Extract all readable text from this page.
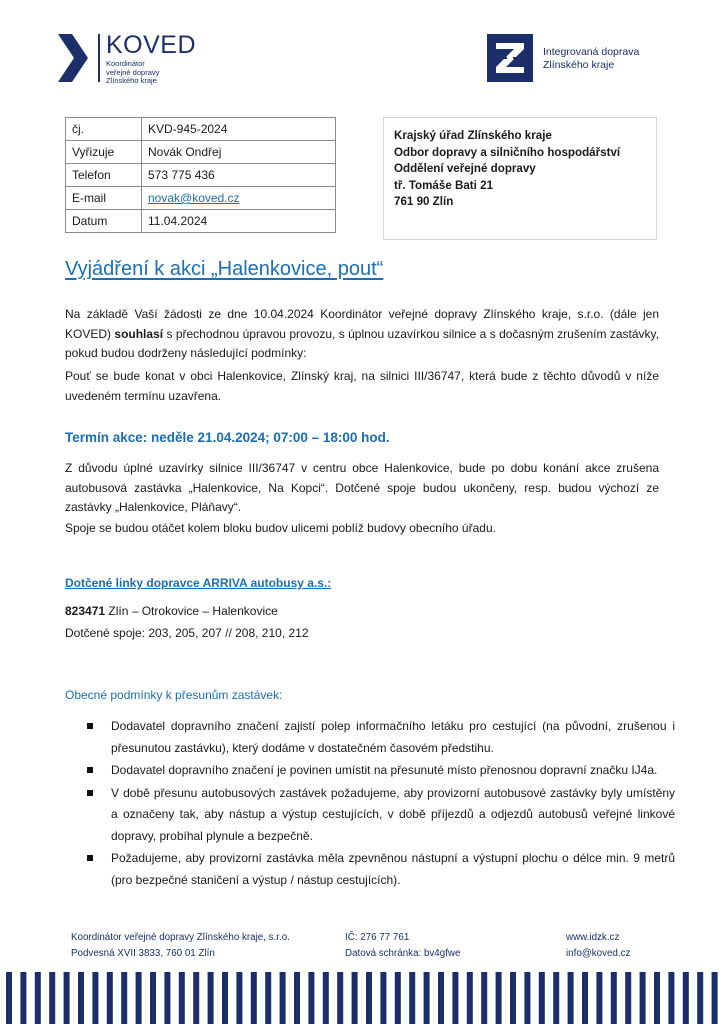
KOVED
Koordinátor
veřejné dopravy
Zlínského kraje
Integrovaná doprava
Zlínského kraje
čj.	KVD-945-2024
Vyřizuje	Novák Ondřej
Telefon	573 775 436
E-mail	novak@koved.cz
Datum	11.04.2024
Krajský úřad Zlínského kraje
Odbor dopravy a silničního hospodářství
Oddělení veřejné dopravy
tř. Tomáše Bati 21
761 90 Zlín
Vyjádření k akci „Halenkovice, pout“
Na základě Vaší žádosti ze dne 10.04.2024 Koordinátor veřejné dopravy Zlínského kraje, s.r.o. (dále jen KOVED) souhlasí s přechodnou úpravou provozu, s úplnou uzavírkou silnice a s dočasným zrušením zastávky, pokud budou dodrženy následující podmínky:
Pouť se bude konat v obci Halenkovice, Zlínský kraj, na silnici III/36747, která bude z těchto důvodů v níže uvedeném termínu uzavřena.
Termín akce: neděle 21.04.2024; 07:00 – 18:00 hod.
Z důvodu úplné uzavírky silnice III/36747 v centru obce Halenkovice, bude po dobu konání akce zrušena autobusová zastávka „Halenkovice, Na Kopci“. Dotčené spoje budou ukončeny, resp. budou výchozí ze zastávky „Halenkovice, Pláňavy“.
Spoje se budou otáčet kolem bloku budov ulicemi poblíž budovy obecního úřadu.
Dotčené linky dopravce ARRIVA autobusy a.s.:
823471 Zlín – Otrokovice – Halenkovice
Dotčené spoje: 203, 205, 207 // 208, 210, 212
Obecné podmínky k přesunům zastávek:
Dodavatel dopravního značení zajistí polep informačního letáku pro cestující (na původní, zrušenou i přesunutou zastávku), který dodáme v dostatečném časovém předstihu.
Dodavatel dopravního značení je povinen umístit na přesunuté místo přenosnou dopravní značku IJ4a.
V době přesunu autobusových zastávek požadujeme, aby provizorní autobusové zastávky byly umístěny a označeny tak, aby nástup a výstup cestujících, v době příjezdů a odjezdů autobusů veřejné linkové dopravy, probíhal plynule a bezpečně.
Požadujeme, aby provizorní zastávka měla zpevněnou nástupní a výstupní plochu o délce min. 9 metrů (pro bezpečné staničení a výstup / nástup cestujících).
Koordinátor veřejné dopravy Zlínského kraje, s.r.o.
Podvesná XVII 3833, 760 01 Zlín
IČ: 276 77 761
Datová schránka: bv4gfwe
www.idzk.cz
info@koved.cz
